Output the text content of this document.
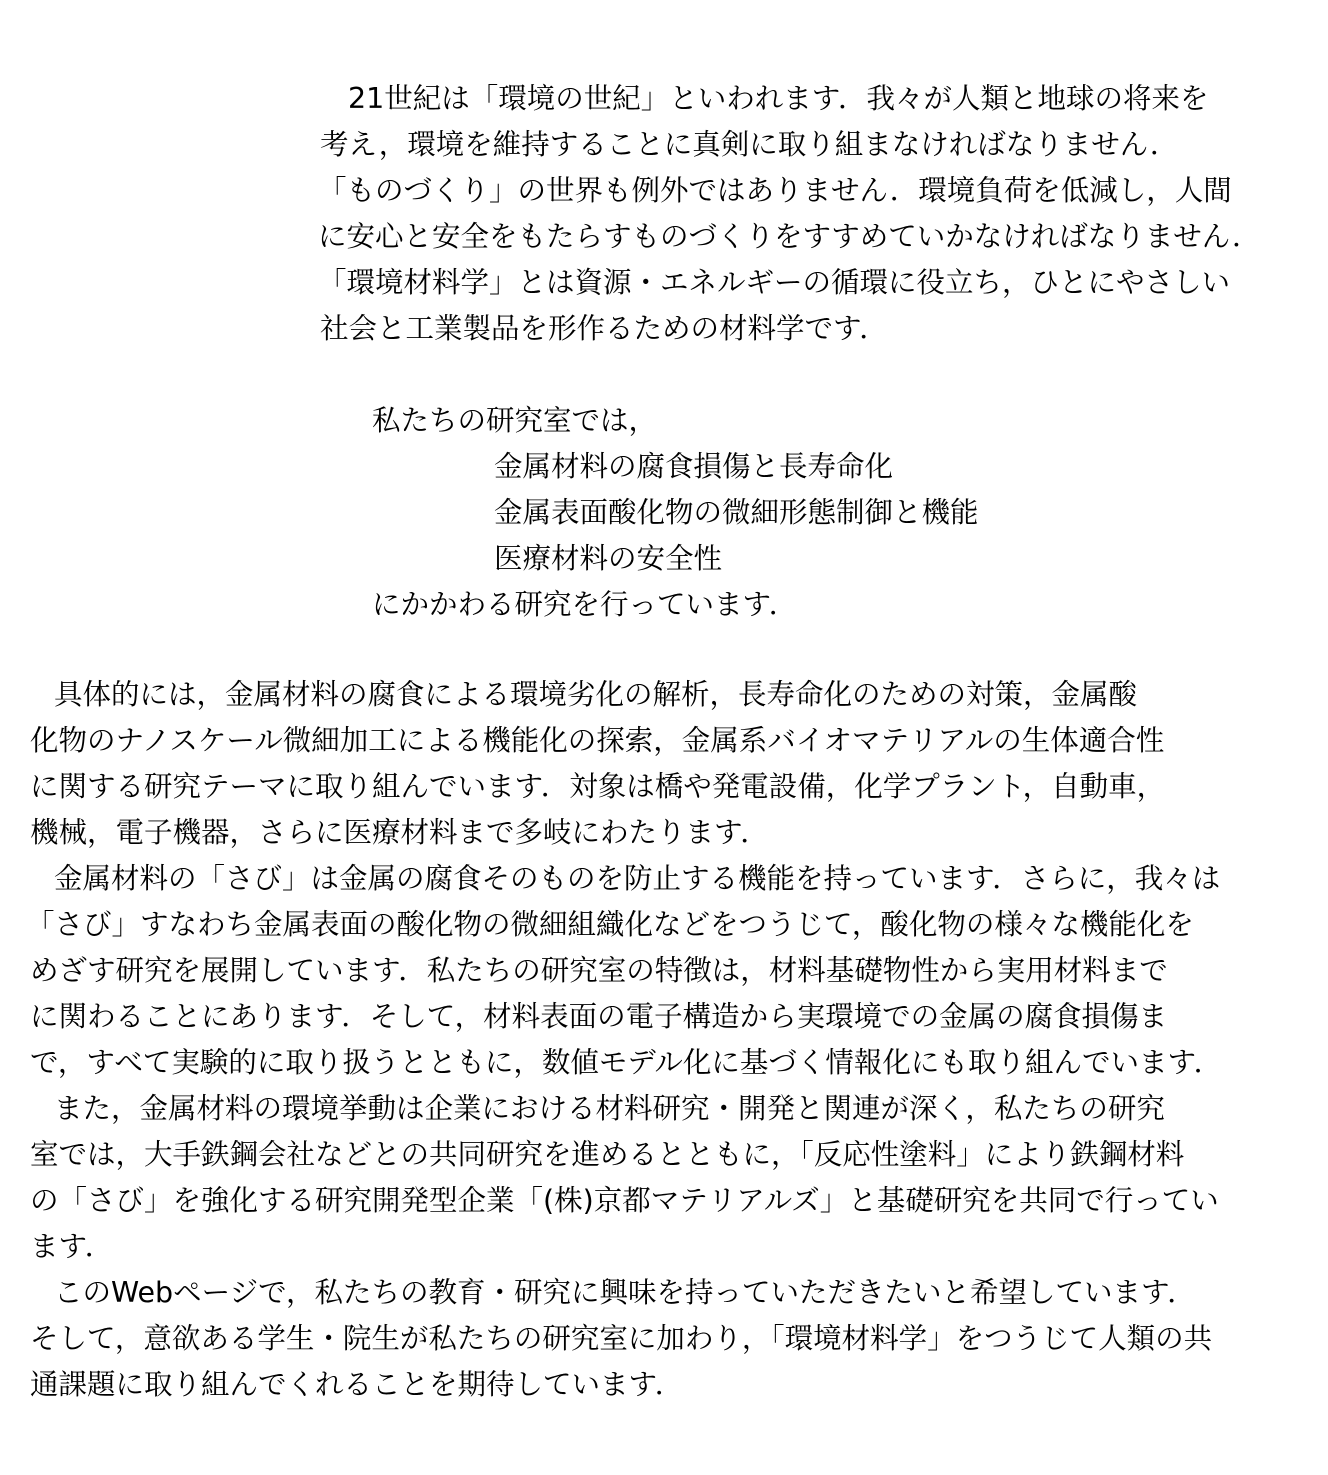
21世紀は「環境の世紀」といわれます．我々が人類と地球の将来を

考え，環境を維持することに真剣に取り組まなければなりません．

「ものづくり」の世界も例外ではありません．環境負荷を低減し，人間

に安心と安全をもたらすものづくりをすすめていかなければなりません．

「環境材料学」とは資源・エネルギーの循環に役立ち，ひとにやさしい

社会と工業製品を形作るための材料学です．

私たちの研究室では，

金属材料の腐食損傷と長寿命化

金属表面酸化物の微細形態制御と機能

医療材料の安全性

にかかわる研究を行っています．

具体的には，金属材料の腐食による環境劣化の解析，長寿命化のための対策，金属酸

化物のナノスケール微細加工による機能化の探索，金属系バイオマテリアルの生体適合性

に関する研究テーマに取り組んでいます．対象は橋や発電設備，化学プラント，自動車，

機械，電子機器，さらに医療材料まで多岐にわたります．

金属材料の「さび」は金属の腐食そのものを防止する機能を持っています．さらに，我々は

「さび」すなわち金属表面の酸化物の微細組織化などをつうじて，酸化物の様々な機能化を

めざす研究を展開しています．私たちの研究室の特徴は，材料基礎物性から実用材料まで

に関わることにあります．そして，材料表面の電子構造から実環境での金属の腐食損傷ま

で，すべて実験的に取り扱うとともに，数値モデル化に基づく情報化にも取り組んでいます．

また，金属材料の環境挙動は企業における材料研究・開発と関連が深く，私たちの研究

室では，大手鉄鋼会社などとの共同研究を進めるとともに，「反応性塗料」により鉄鋼材料

の「さび」を強化する研究開発型企業「(株)京都マテリアルズ」と基礎研究を共同で行ってい

ます．

このWebページで，私たちの教育・研究に興味を持っていただきたいと希望しています．

そして，意欲ある学生・院生が私たちの研究室に加わり，「環境材料学」をつうじて人類の共

通課題に取り組んでくれることを期待しています．
